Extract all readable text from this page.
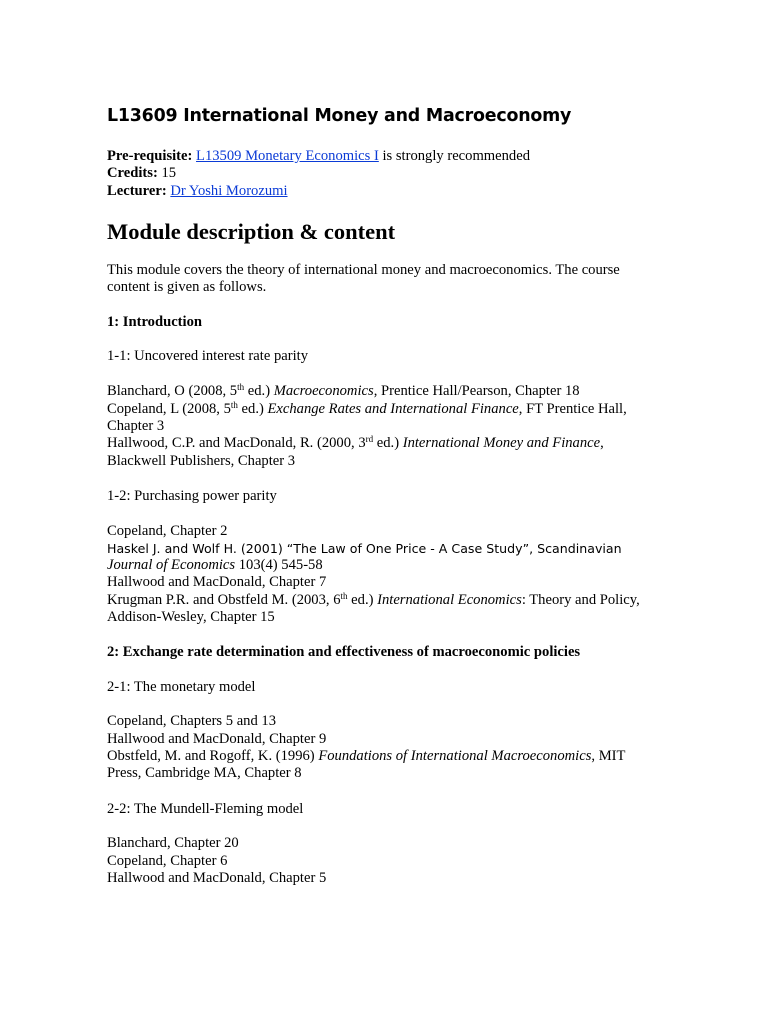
L13609 International Money and Macroeconomy
Pre-requisite: L13509 Monetary Economics I is strongly recommended
Credits: 15
Lecturer: Dr Yoshi Morozumi
Module description & content
This module covers the theory of international money and macroeconomics. The course
content is given as follows.
1: Introduction
1-1: Uncovered interest rate parity
Blanchard, O (2008, 5th ed.) Macroeconomics, Prentice Hall/Pearson, Chapter 18
Copeland, L (2008, 5th ed.) Exchange Rates and International Finance, FT Prentice Hall,
Chapter 3
Hallwood, C.P. and MacDonald, R. (2000, 3rd ed.) International Money and Finance,
Blackwell Publishers, Chapter 3
1-2: Purchasing power parity
Copeland, Chapter 2
Haskel J. and Wolf H. (2001) “The Law of One Price - A Case Study”, Scandinavian
Journal of Economics 103(4) 545-58
Hallwood and MacDonald, Chapter 7
Krugman P.R. and Obstfeld M. (2003, 6th ed.) International Economics: Theory and Policy,
Addison-Wesley, Chapter 15
2: Exchange rate determination and effectiveness of macroeconomic policies
2-1: The monetary model
Copeland, Chapters 5 and 13
Hallwood and MacDonald, Chapter 9
Obstfeld, M. and Rogoff, K. (1996) Foundations of International Macroeconomics, MIT
Press, Cambridge MA, Chapter 8
2-2: The Mundell-Fleming model
Blanchard, Chapter 20
Copeland, Chapter 6
Hallwood and MacDonald, Chapter 5
